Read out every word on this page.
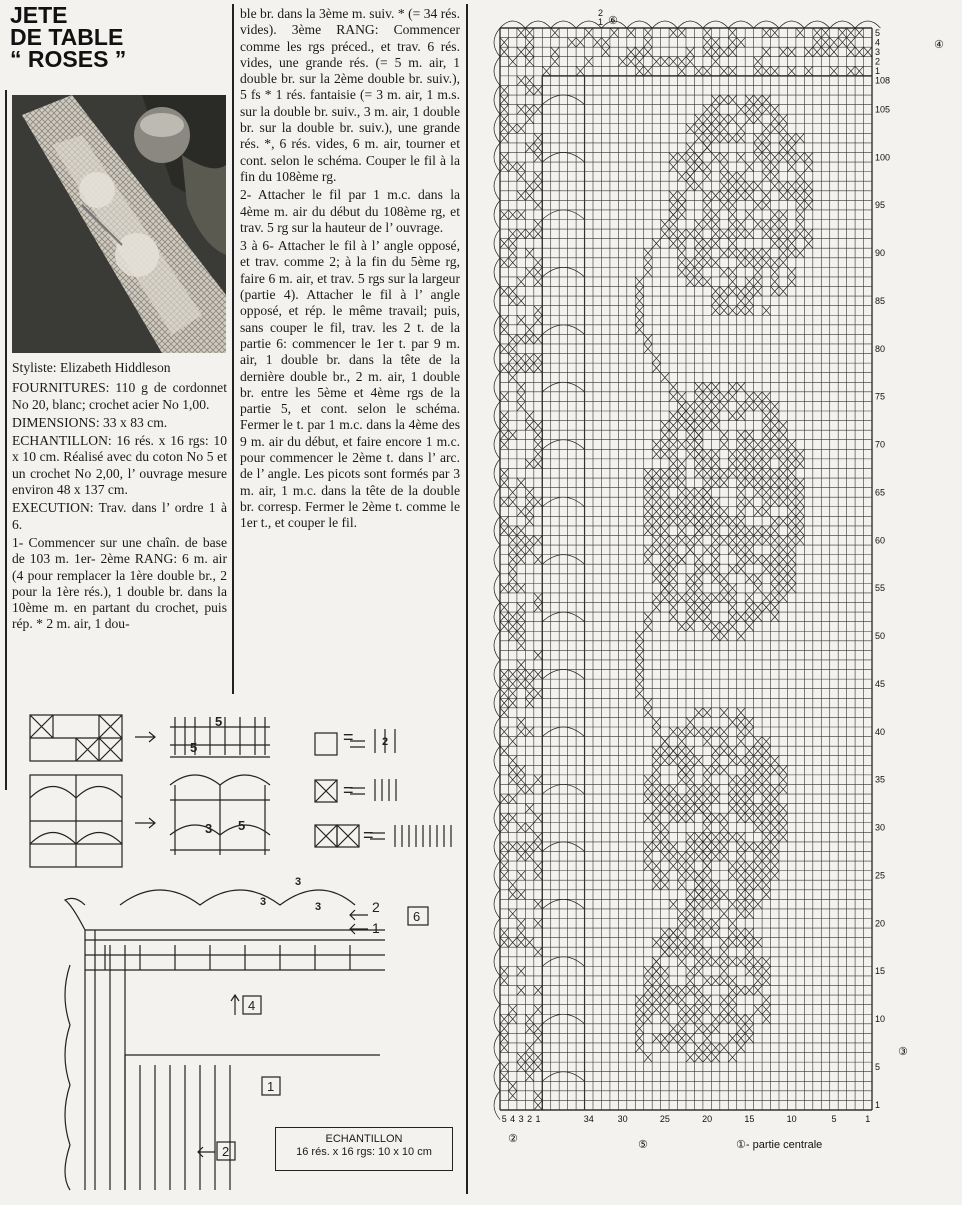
JETE
DE TABLE
“ ROSES ”

Styliste: Elizabeth Hiddleson

FOURNITURES: 110 g de cordonnet No 20, blanc; crochet acier No 1,00.

DIMENSIONS: 33 x 83 cm.

ECHANTILLON: 16 rés. x 16 rgs: 10 x 10 cm. Réalisé avec du coton No 5 et un crochet No 2,00, l’ ouvrage mesure environ 48 x 137 cm.

EXECUTION: Trav. dans l’ ordre 1 à 6.

1- Commencer sur une chaîn. de base de 103 m. 1er- 2ème RANG: 6 m. air (4 pour remplacer la 1ère double br., 2 pour la 1ère rés.), 1 double br. dans la 10ème m. en partant du crochet, puis rép. * 2 m. air, 1 dou-

ble br. dans la 3ème m. suiv. * (= 34 rés. vides). 3ème RANG: Commencer comme les rgs préced., et trav. 6 rés. vides, une grande rés. (= 5 m. air, 1 double br. sur la 2ème double br. suiv.), 5 fs * 1 rés. fantaisie (= 3 m. air, 1 m.s. sur la double br. suiv., 3 m. air, 1 double br. sur la double br. suiv.), une grande rés. *, 6 rés. vides, 6 m. air, tourner et cont. selon le schéma. Couper le fil à la fin du 108ème rg.

2- Attacher le fil par 1 m.c. dans la 4ème m. air du début du 108ème rg, et trav. 5 rg sur la hauteur de l’ ouvrage.

3 à 6- Attacher le fil à l’ angle opposé, et trav. comme 2; à la fin du 5ème rg, faire 6 m. air, et trav. 5 rgs sur la largeur (partie 4). Attacher le fil à l’ angle opposé, et rép. le même travail; puis, sans couper le fil, trav. les 2 t. de la partie 6: commencer le 1er t. par 9 m. air, 1 double br. dans la tête de la dernière double br., 2 m. air, 1 double br. entre les 5ème et 4ème rgs de la partie 5, et cont. selon le schéma. Fermer le t. par 1 m.c. dans la 4ème des 9 m. air du début, et faire encore 1 m.c. pour commencer le 2ème t. dans l’ arc. de l’ angle. Les picots sont formés par 3 m. air, 1 m.c. dans la tête de la double br. corresp. Fermer le 2ème t. comme le 1er t., et couper le fil.

5
5
3 5
=	2
=
=
3
3	3	2
1
6
4
1
2
ECHANTILLON
16 rés. x 16 rgs: 10 x 10 cm
108
105
100
95
90
85
80
75
70
65
60
55
50
45
40
35
30
25
20
15
10
5
1
34	30	25	20	15	10	5	1
5 4 3 2 1
5
4
3
2
1
2
1 ⑥
④
③
②	⑤	①- partie centrale
